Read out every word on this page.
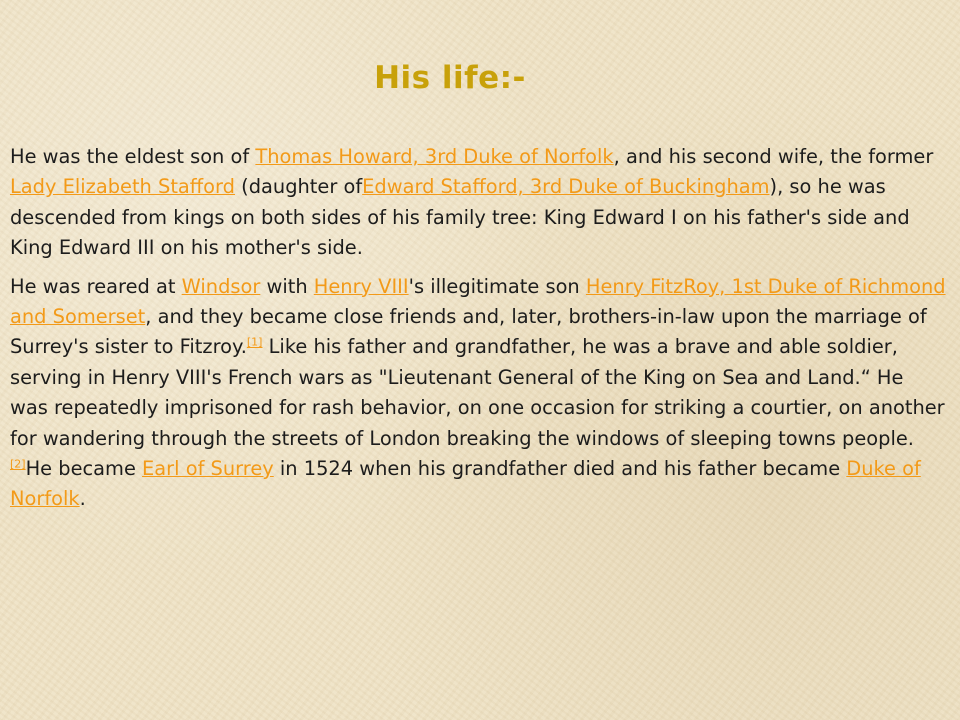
His life:-

He was the eldest son of Thomas Howard, 3rd Duke of Norfolk, and his second wife, the former Lady Elizabeth Stafford (daughter ofEdward Stafford, 3rd Duke of Buckingham), so he was descended from kings on both sides of his family tree: King Edward I on his father's side and King Edward III on his mother's side.

He was reared at Windsor with Henry VIII's illegitimate son Henry FitzRoy, 1st Duke of Richmond and Somerset, and they became close friends and, later, brothers-in-law upon the marriage of Surrey's sister to Fitzroy.[1] Like his father and grandfather, he was a brave and able soldier, serving in Henry VIII's French wars as "Lieutenant General of the King on Sea and Land.“ He was repeatedly imprisoned for rash behavior, on one occasion for striking a courtier, on another for wandering through the streets of London breaking the windows of sleeping towns people.[2]He became Earl of Surrey in 1524 when his grandfather died and his father became Duke of Norfolk.
